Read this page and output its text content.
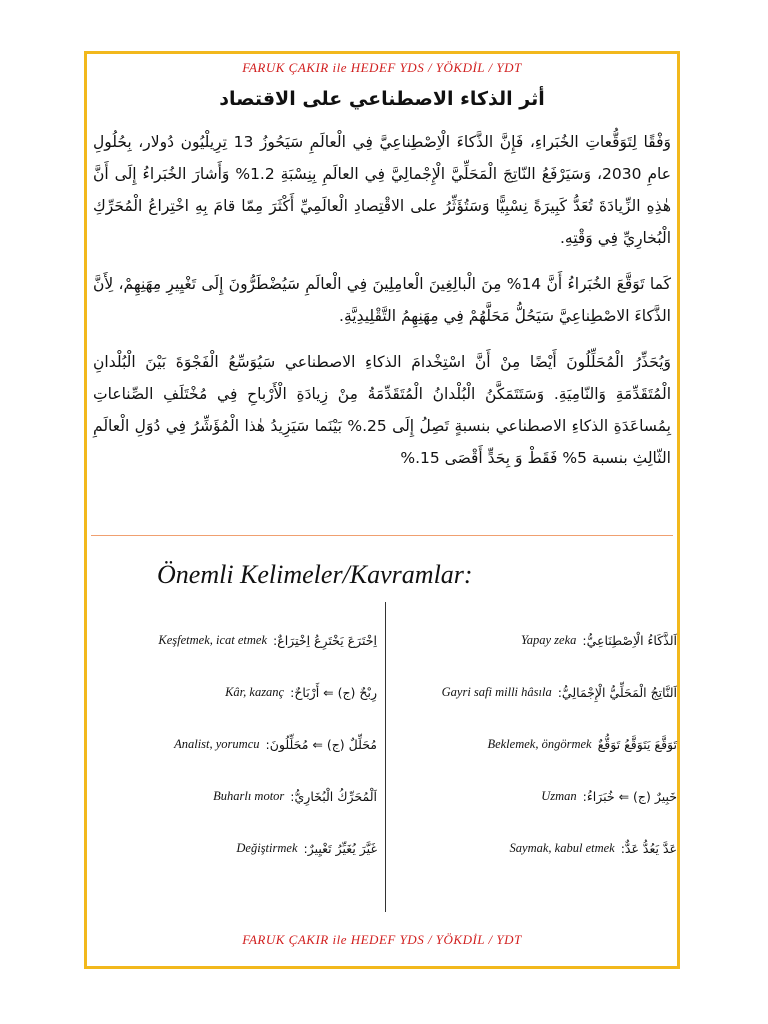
FARUK ÇAKIR ile HEDEF YDS / YÖKDİL / YDT
أثر الذكاء الاصطناعي على الاقتصاد

وَفْقًا لِتَوَقُّعاتِ الخُبَراءِ، فَإِنَّ الذَّكاءَ الْاِصْطِناعِيَّ فِي الْعالَمِ سَيَحُوزُ 13 تِرِيلْيُون دُولار، بِحُلُولِ عامِ 2030، وَسَيَرْفَعُ النّاتِجَ الْمَحَلِّيَّ الْإِجْمالِيَّ فِي العالَمِ بِنِسْبَةِ 1.2% وَأَشارَ الخُبَراءُ إِلَى أَنَّ هٰذِهِ الزِّيادَةَ تُعَدُّ كَبِيرَةً نِسْبِيًّا وَسَتُؤَثِّرُ على الاقْتِصادِ الْعالَمِيِّ أَكْثَرَ مِمّا قامَ بِهِ اخْتِراعُ الْمُحَرِّكِ الْبُخارِيِّ فِي وَقْتِهِ.

كَما تَوَقَّعَ الخُبَراءُ أَنَّ 14% مِنَ الْبالِغِينَ الْعامِلِينَ فِي الْعالَمِ سَيُضْطَرُّونَ إِلَى تَغْيِيرِ مِهَنِهِمْ، لِأَنَّ الذَّكاءَ الاصْطِناعِيَّ سَيَحُلُّ مَحَلَّهُمْ فِي مِهَنِهِمُ التَّقْلِيدِيَّةِ.

وَيُحَذِّرُ الْمُحَلِّلُونَ أَيْضًا مِنْ أَنَّ اسْتِخْدامَ الذكاءِ الاصطناعي سَيُوَسِّعُ الْفَجْوَةَ بَيْنَ الْبُلْدانِ الْمُتَقَدِّمَةِ وَالنّامِيَةِ. وَسَتَتَمَكَّنُ الْبُلْدانُ الْمُتَقَدِّمَةُ مِنْ زِيادَةِ الْأَرْباحِ فِي مُخْتَلَفِ الصِّناعاتِ بِمُساعَدَةِ الذكاءِ الاصطناعي بنسبةٍ تَصِلُ إِلَى 25.% بَيْنَما سَيَزِيدُ هٰذا الْمُؤَشِّرُ فِي دُوَلِ الْعالَمِ الثّالِثِ بنسبة 5% فَقَطْ وَ بِحَدٍّ أَقْصَى 15.%

Önemli Kelimeler/Kavramlar:
Keşfetmek, icat etmek اِخْتَرَعَ يَخْتَرِعُ اِخْتِرَاعٌ:
Kâr, kazanç رِبْحٌ (ج) ⇐ أَرْبَاحٌ:
Analist, yorumcu مُحَلِّلٌ (ج) ⇐ مُحَلِّلُونَ:
Buharlı motor اَلْمُحَرِّكُ الْبُخَارِيُّ:
Değiştirmek غَيَّرَ يُغَيِّرُ تَغْيِيرٌ:
Yapay zeka اَلذَّكَاءُ الْاِصْطِنَاعِيُّ:
Gayri safi milli hâsıla اَلنَّاتِجُ الْمَحَلِّيُّ الْإِجْمَالِيُّ:
Beklemek, öngörmek تَوَقَّعَ يَتَوَقَّعُ تَوَقُّعٌ
Uzman خَبِيرٌ (ج) ⇐ خُبَرَاءُ:
Saymak, kabul etmek عَدَّ يَعُدُّ عَدٌّ:
FARUK ÇAKIR ile HEDEF YDS / YÖKDİL / YDT
